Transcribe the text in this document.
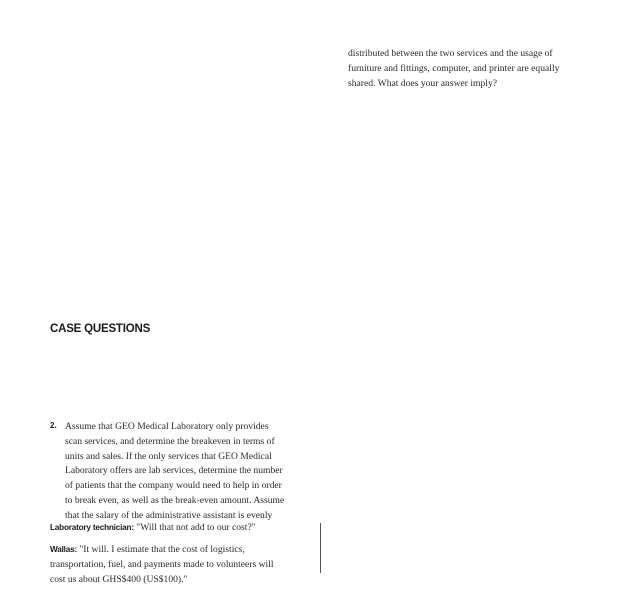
distributed between the two services and the usage of
furniture and fittings, computer, and printer are equally
shared. What does your answer imply?
CASE QUESTIONS
2. Assume that GEO Medical Laboratory only provides
scan services, and determine the breakeven in terms of
units and sales. If the only services that GEO Medical
Laboratory offers are lab services, determine the number
of patients that the company would need to help in order
to break even, as well as the break-even amount. Assume
that the salary of the administrative assistant is evenly
Laboratory technician: "Will that not add to our cost?"
Wallas: "It will. I estimate that the cost of logistics,
transportation, fuel, and payments made to volunteers will
cost us about GHS$400 (US$100)."
